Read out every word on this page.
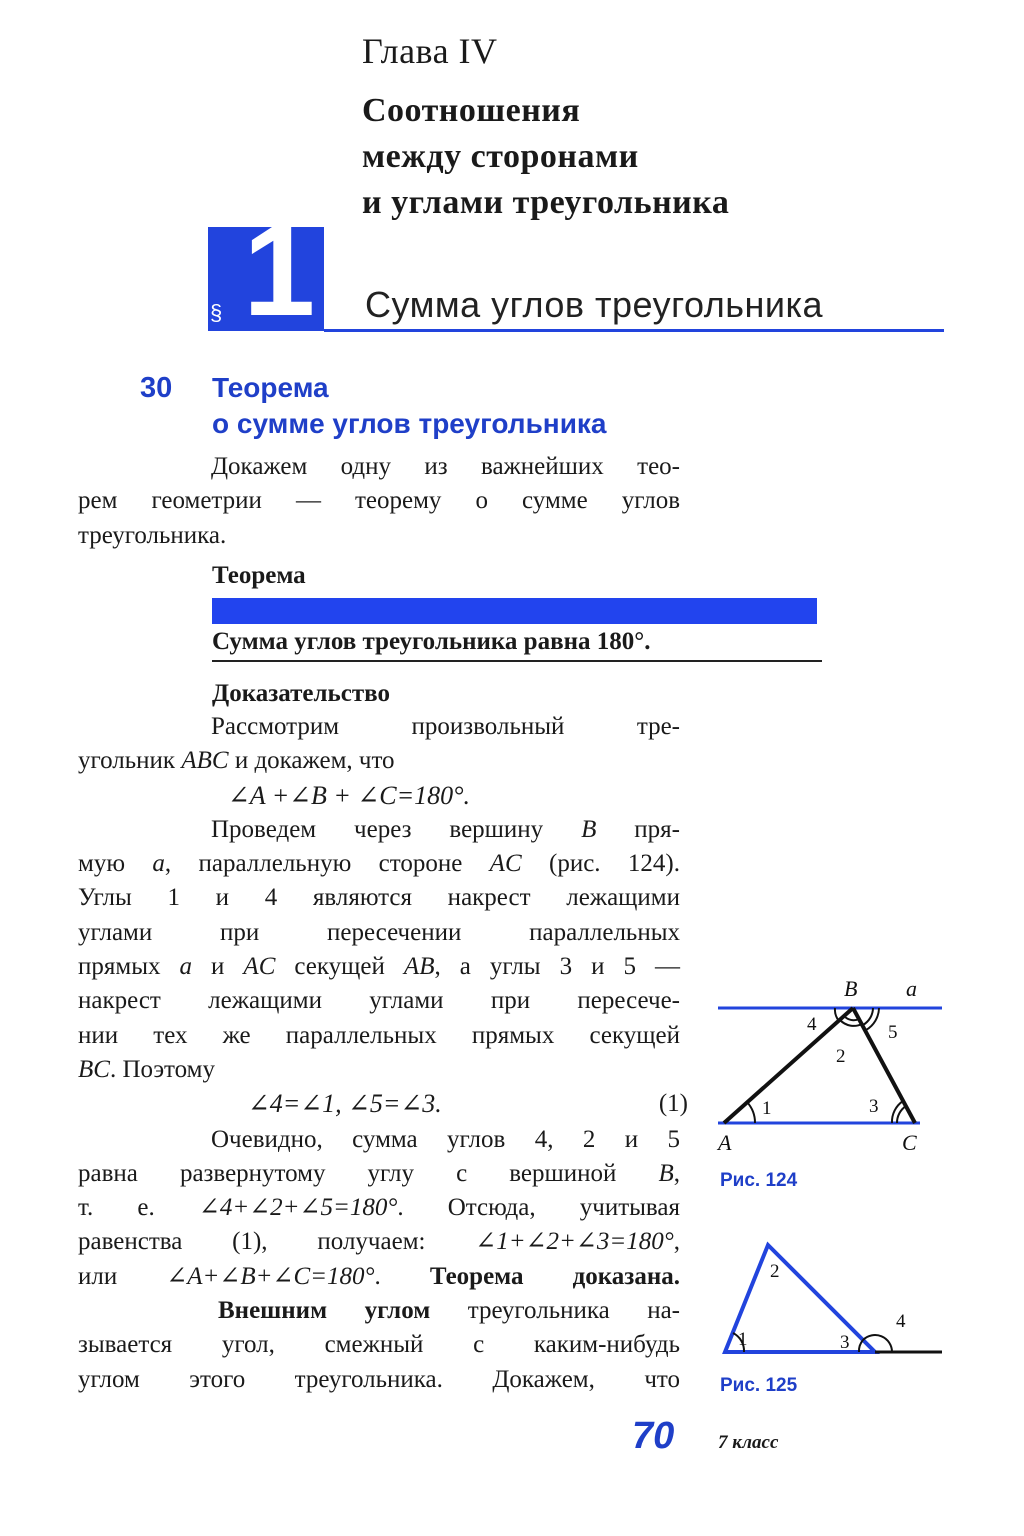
Глава IV
Соотношения
между сторонами
и углами треугольника
§ 1 Сумма углов треугольника
30 Теорема
о сумме углов треугольника
Докажем одну из важнейших тео-
рем геометрии — теорему о сумме углов
треугольника.
Теорема
Сумма углов треугольника равна 180°.
Доказательство
Рассмотрим произвольный тре-
угольник ABC и докажем, что
∠A +∠B + ∠C=180°.
Проведем через вершину B пря-
мую a, параллельную стороне AC (рис. 124).
Углы 1 и 4 являются накрест лежащими
углами при пересечении параллельных
прямых a и AC секущей AB, а углы 3 и 5 —
накрест лежащими углами при пересече-
нии тех же параллельных прямых секущей
BC. Поэтому
∠4=∠1, ∠5=∠3.	(1)
Очевидно, сумма углов 4, 2 и 5
равна развернутому углу с вершиной B,
т. е. ∠4+∠2+∠5=180°. Отсюда, учитывая
равенства (1), получаем: ∠1+∠2+∠3=180°,
или ∠A+∠B+∠C=180°. Теорема доказана.
Внешним углом треугольника на-
зывается угол, смежный с каким-нибудь
углом этого треугольника. Докажем, что
B a
A	C
1
2
3
4	5
Рис. 124
1
2
3
4
Рис. 125
70 7 класс
